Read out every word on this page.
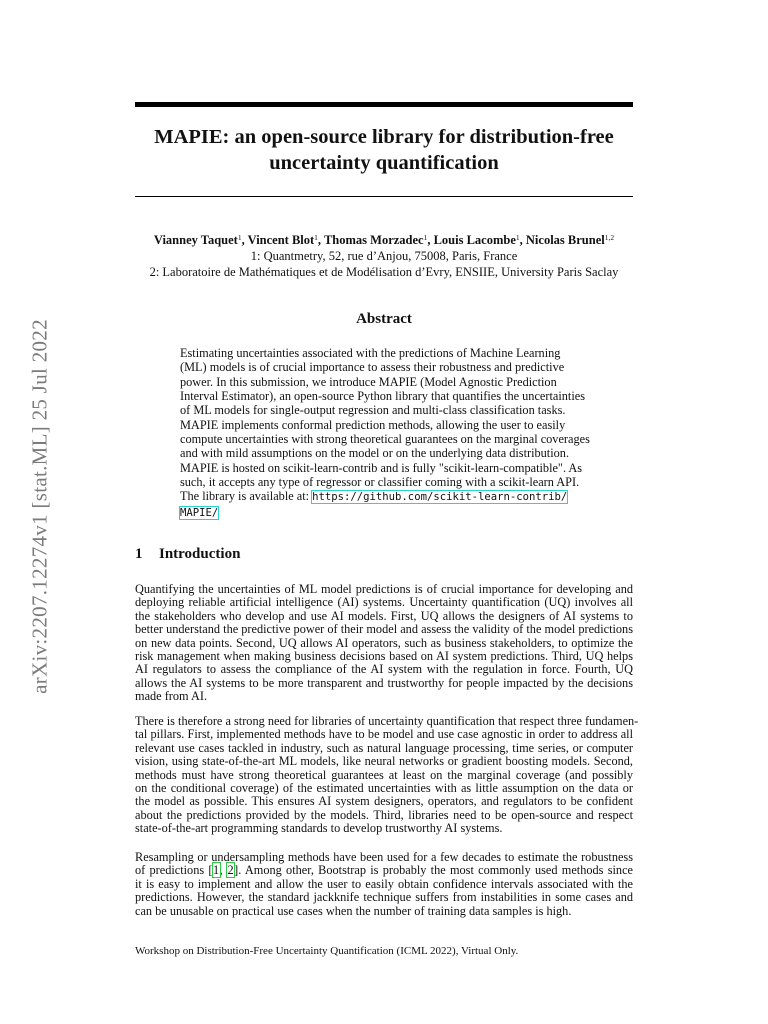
arXiv:2207.12274v1 [stat.ML] 25 Jul 2022
MAPIE: an open-source library for distribution-free
uncertainty quantification
Vianney Taquet$^1$, Vincent Blot$^1$, Thomas Morzadec$^1$, Louis Lacombe$^1$, Nicolas Brunel$^{1,2}$
1: Quantmetry, 52, rue d’Anjou, 75008, Paris, France
2: Laboratoire de Mathématiques et de Modélisation d’Evry, ENSIIE, University Paris Saclay
Abstract
Estimating uncertainties associated with the predictions of Machine Learning
(ML) models is of crucial importance to assess their robustness and predictive
power. In this submission, we introduce MAPIE (Model Agnostic Prediction
Interval Estimator), an open-source Python library that quantifies the uncertainties
of ML models for single-output regression and multi-class classification tasks.
MAPIE implements conformal prediction methods, allowing the user to easily
compute uncertainties with strong theoretical guarantees on the marginal coverages
and with mild assumptions on the model or on the underlying data distribution.
MAPIE is hosted on scikit-learn-contrib and is fully "scikit-learn-compatible". As
such, it accepts any type of regressor or classifier coming with a scikit-learn API.
The library is available at: https://github.com/scikit-learn-contrib/
MAPIE/
1 Introduction
Quantifying the uncertainties of ML model predictions is of crucial importance for developing and
deploying reliable artificial intelligence (AI) systems. Uncertainty quantification (UQ) involves all
the stakeholders who develop and use AI models. First, UQ allows the designers of AI systems to
better understand the predictive power of their model and assess the validity of the model predictions
on new data points. Second, UQ allows AI operators, such as business stakeholders, to optimize the
risk management when making business decisions based on AI system predictions. Third, UQ helps
AI regulators to assess the compliance of the AI system with the regulation in force. Fourth, UQ
allows the AI systems to be more transparent and trustworthy for people impacted by the decisions
made from AI.
There is therefore a strong need for libraries of uncertainty quantification that respect three fundamen-
tal pillars. First, implemented methods have to be model and use case agnostic in order to address all
relevant use cases tackled in industry, such as natural language processing, time series, or computer
vision, using state-of-the-art ML models, like neural networks or gradient boosting models. Second,
methods must have strong theoretical guarantees at least on the marginal coverage (and possibly
on the conditional coverage) of the estimated uncertainties with as little assumption on the data or
the model as possible. This ensures AI system designers, operators, and regulators to be confident
about the predictions provided by the models. Third, libraries need to be open-source and respect
state-of-the-art programming standards to develop trustworthy AI systems.
Resampling or undersampling methods have been used for a few decades to estimate the robustness
of predictions [1, 2]. Among other, Bootstrap is probably the most commonly used methods since
it is easy to implement and allow the user to easily obtain confidence intervals associated with the
predictions. However, the standard jackknife technique suffers from instabilities in some cases and
can be unusable on practical use cases when the number of training data samples is high.
Workshop on Distribution-Free Uncertainty Quantification (ICML 2022), Virtual Only.
